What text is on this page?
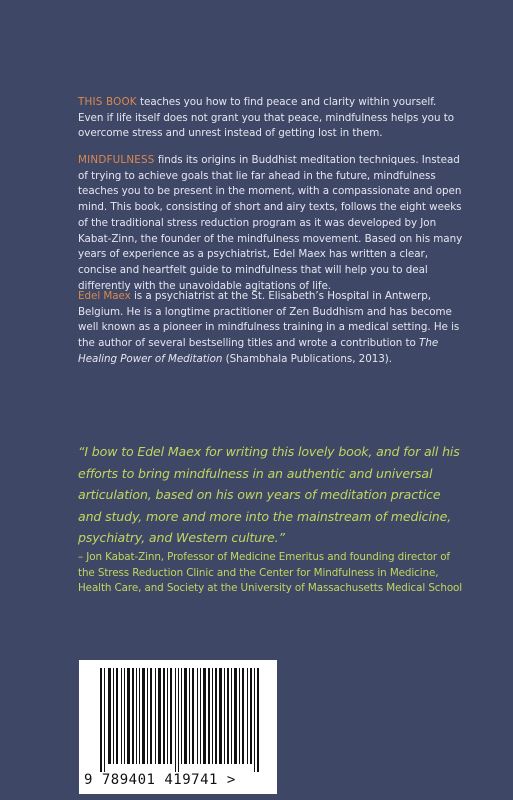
THIS BOOK teaches you how to find peace and clarity within yourself. Even if life itself does not grant you that peace, mindfulness helps you to overcome stress and unrest instead of getting lost in them.

MINDFULNESS finds its origins in Buddhist meditation techniques. Instead of trying to achieve goals that lie far ahead in the future, mindfulness teaches you to be present in the moment, with a compassionate and open mind. This book, consisting of short and airy texts, follows the eight weeks of the traditional stress reduction program as it was developed by Jon Kabat-Zinn, the founder of the mindfulness movement. Based on his many years of experience as a psychiatrist, Edel Maex has written a clear, concise and heartfelt guide to mindfulness that will help you to deal differently with the unavoidable agitations of life.

Edel Maex is a psychiatrist at the St. Elisabeth’s Hospital in Antwerp, Belgium. He is a longtime practitioner of Zen Buddhism and has become well known as a pioneer in mindfulness training in a medical setting. He is the author of several bestselling titles and wrote a contribution to The Healing Power of Meditation (Shambhala Publications, 2013).

“I bow to Edel Maex for writing this lovely book, and for all his efforts to bring mindfulness in an authentic and universal articulation, based on his own years of meditation practice and study, more and more into the mainstream of medicine, psychiatry, and Western culture.”

– Jon Kabat-Zinn, Professor of Medicine Emeritus and founding director of the Stress Reduction Clinic and the Center for Mindfulness in Medicine, Health Care, and Society at the University of Massachusetts Medical School

9 789401 419741 >
